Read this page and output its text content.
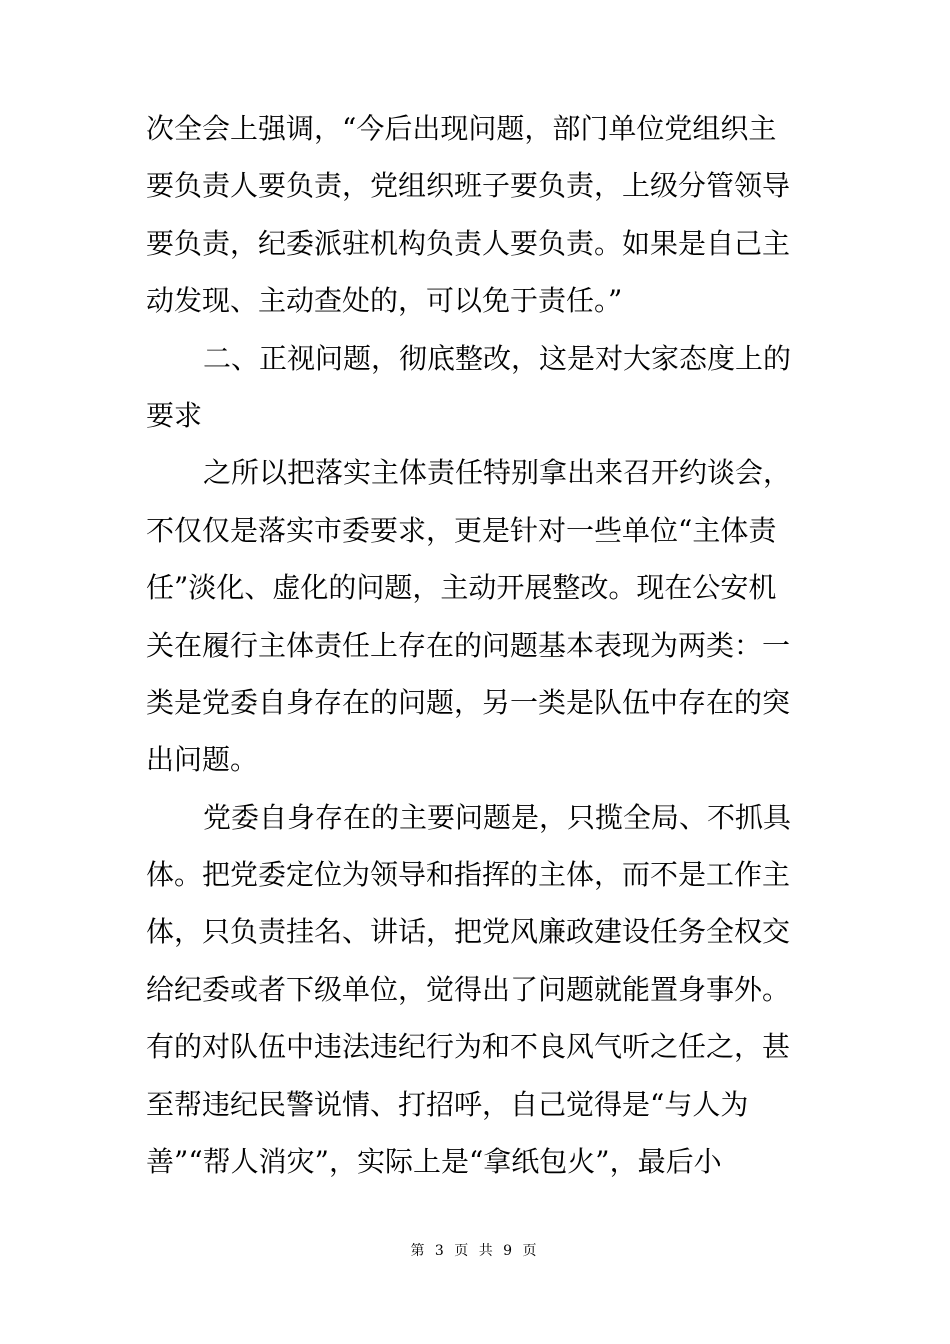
次全会上强调，“今后出现问题，部门单位党组织主
要负责人要负责，党组织班子要负责，上级分管领导
要负责，纪委派驻机构负责人要负责。如果是自己主
动发现、主动查处的，可以免于责任。”
二、正视问题，彻底整改，这是对大家态度上的
要求
之所以把落实主体责任特别拿出来召开约谈会，
不仅仅是落实市委要求，更是针对一些单位“主体责
任”淡化、虚化的问题，主动开展整改。现在公安机
关在履行主体责任上存在的问题基本表现为两类：一
类是党委自身存在的问题，另一类是队伍中存在的突
出问题。
党委自身存在的主要问题是，只揽全局、不抓具
体。把党委定位为领导和指挥的主体，而不是工作主
体，只负责挂名、讲话，把党风廉政建设任务全权交
给纪委或者下级单位，觉得出了问题就能置身事外。
有的对队伍中违法违纪行为和不良风气听之任之，甚
至帮违纪民警说情、打招呼，自己觉得是“与人为
善”“帮人消灾”，实际上是“拿纸包火”，最后小
第 3 页 共 9 页
